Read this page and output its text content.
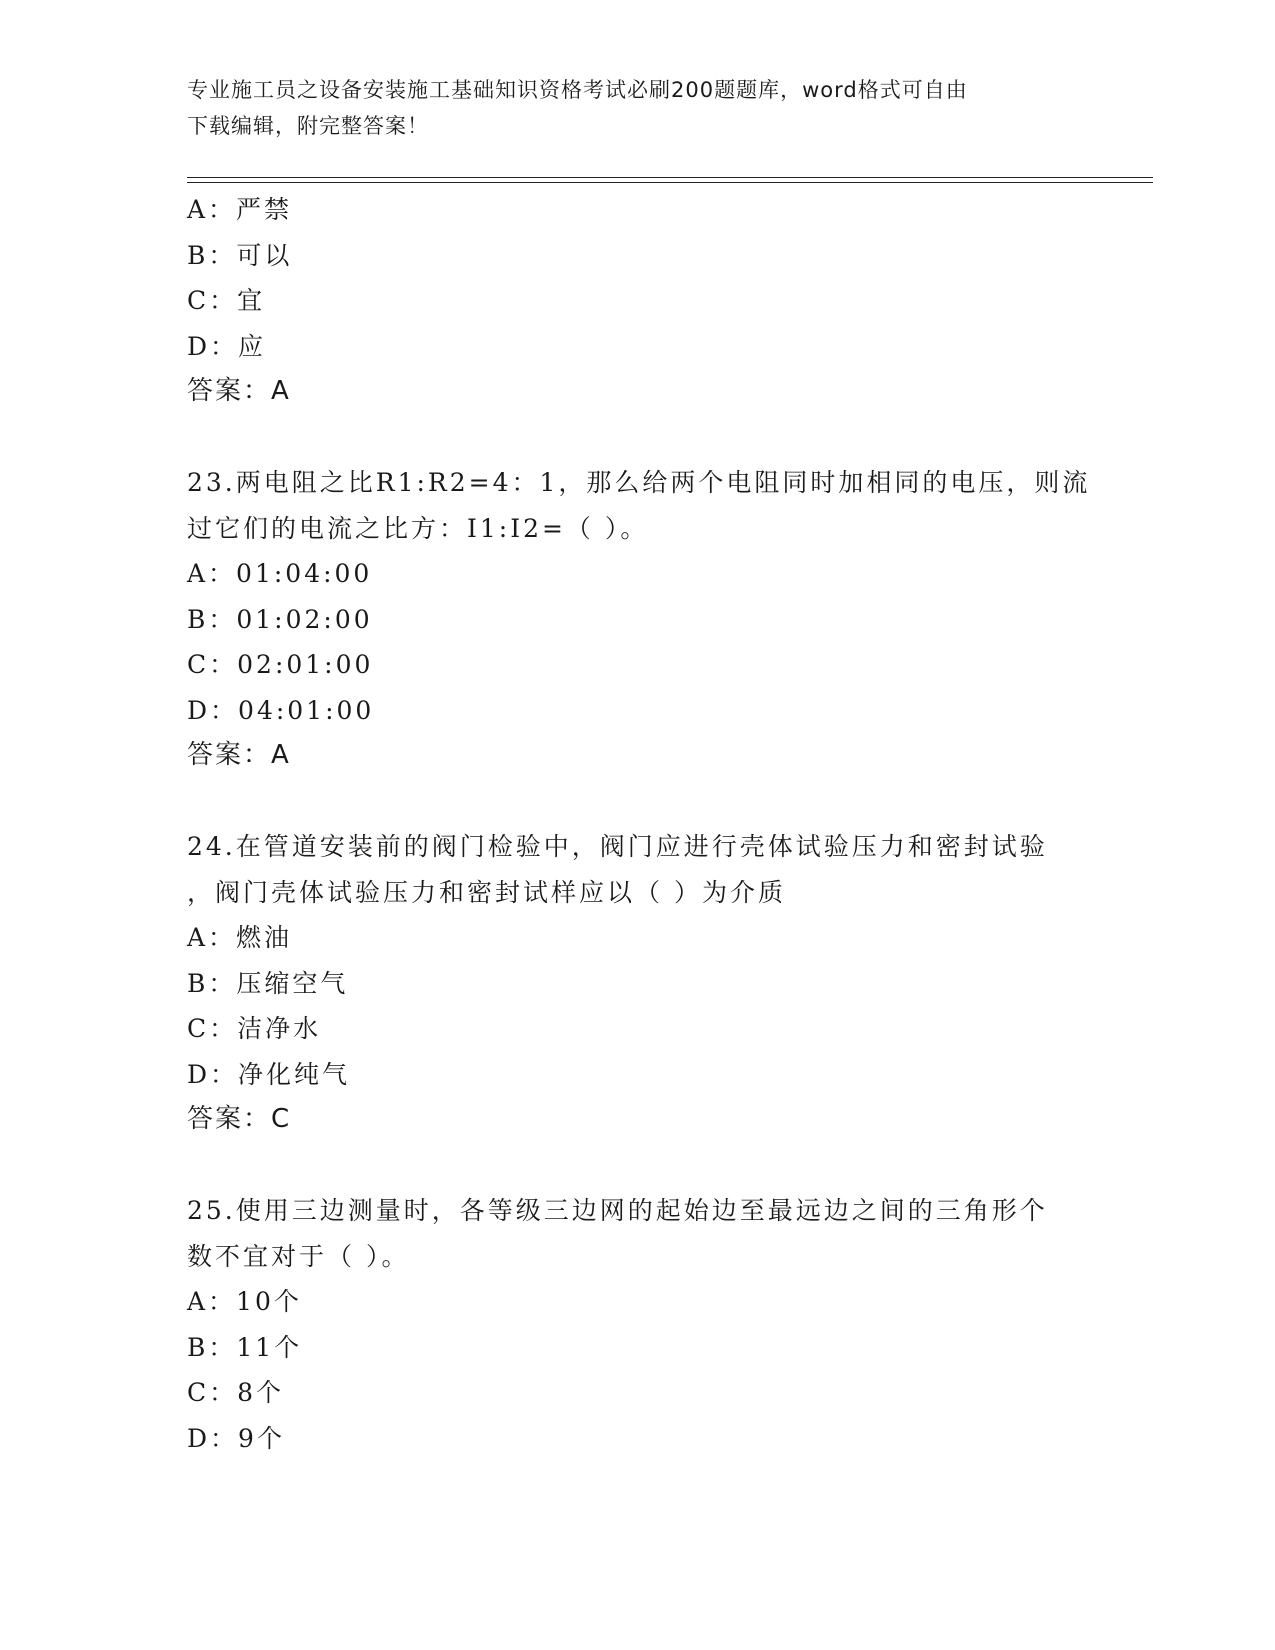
专业施工员之设备安装施工基础知识资格考试必刷200题题库，word格式可自由
下载编辑，附完整答案！
A：严禁
B：可以
C：宜
D：应
答案：A
23.两电阻之比R1:R2=4：1，那么给两个电阻同时加相同的电压，则流
过它们的电流之比方：I1:I2=（ ）。
A：01:04:00
B：01:02:00
C：02:01:00
D：04:01:00
答案：A
24.在管道安装前的阀门检验中，阀门应进行壳体试验压力和密封试验
，阀门壳体试验压力和密封试样应以（ ）为介质
A：燃油
B：压缩空气
C：洁净水
D：净化纯气
答案：C
25.使用三边测量时，各等级三边网的起始边至最远边之间的三角形个
数不宜对于（ ）。
A：10个
B：11个
C：8个
D：9个
